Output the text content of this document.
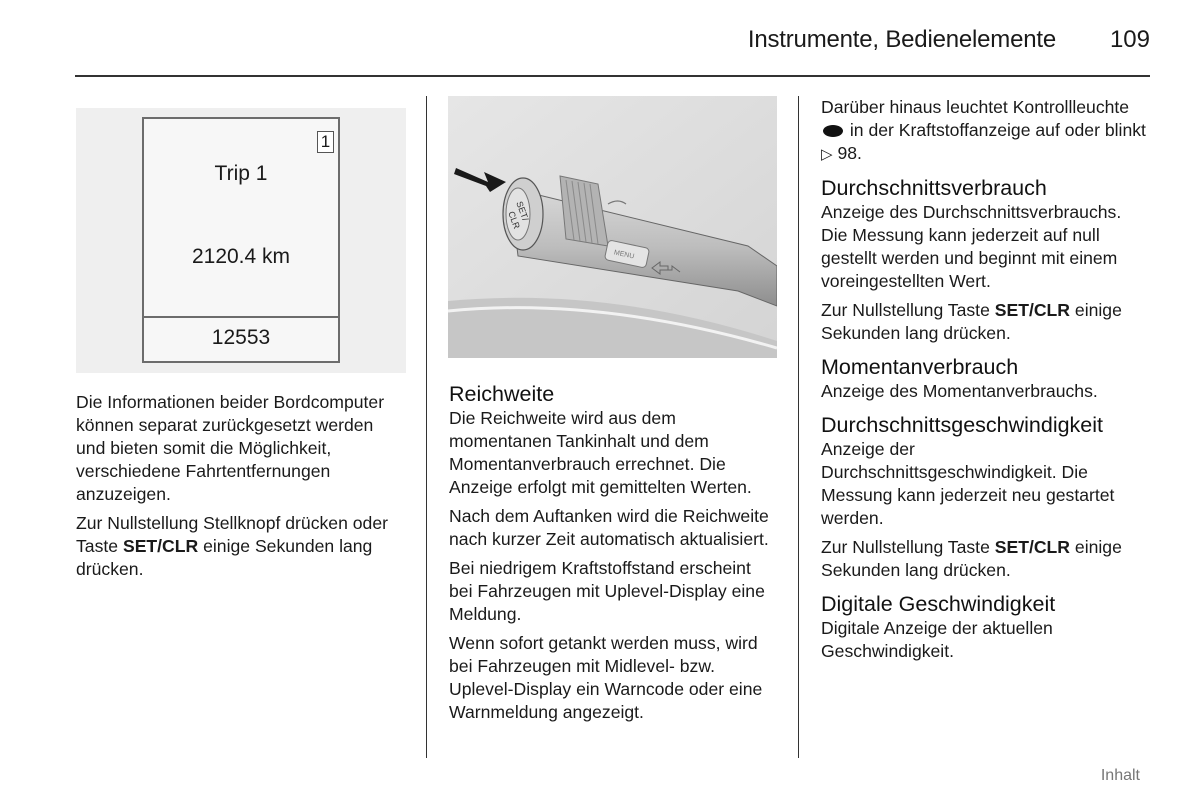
Instrumente, Bedienelemente	109
1
Trip 1
2120.4 km
12553
MENU
SET/
CLR

Die Informationen beider Bordcomputer können separat zurückgesetzt werden und bieten somit die Möglichkeit, verschiedene Fahrtentfernungen anzuzeigen.

Zur Nullstellung Stellknopf drücken oder Taste SET/CLR einige Sekunden lang drücken.

Reichweite

Die Reichweite wird aus dem momentanen Tankinhalt und dem Momentanverbrauch errechnet. Die Anzeige erfolgt mit gemittelten Werten.

Nach dem Auftanken wird die Reichweite nach kurzer Zeit automatisch aktualisiert.

Bei niedrigem Kraftstoffstand erscheint bei Fahrzeugen mit Uplevel-Display eine Meldung.

Wenn sofort getankt werden muss, wird bei Fahrzeugen mit Midlevel- bzw. Uplevel-Display ein Warncode oder eine Warnmeldung angezeigt.

Darüber hinaus leuchtet Kontrollleuchte  in der Kraftstoffanzeige auf oder blinkt ▷ 98.

Durchschnittsverbrauch

Anzeige des Durchschnittsverbrauchs. Die Messung kann jederzeit auf null gestellt werden und beginnt mit einem voreingestellten Wert.

Zur Nullstellung Taste SET/CLR einige Sekunden lang drücken.

Momentanverbrauch

Anzeige des Momentanverbrauchs.

Durchschnittsgeschwindigkeit

Anzeige der Durchschnittsgeschwindigkeit. Die Messung kann jederzeit neu gestartet werden.

Zur Nullstellung Taste SET/CLR einige Sekunden lang drücken.

Digitale Geschwindigkeit

Digitale Anzeige der aktuellen Geschwindigkeit.

Inhalt
